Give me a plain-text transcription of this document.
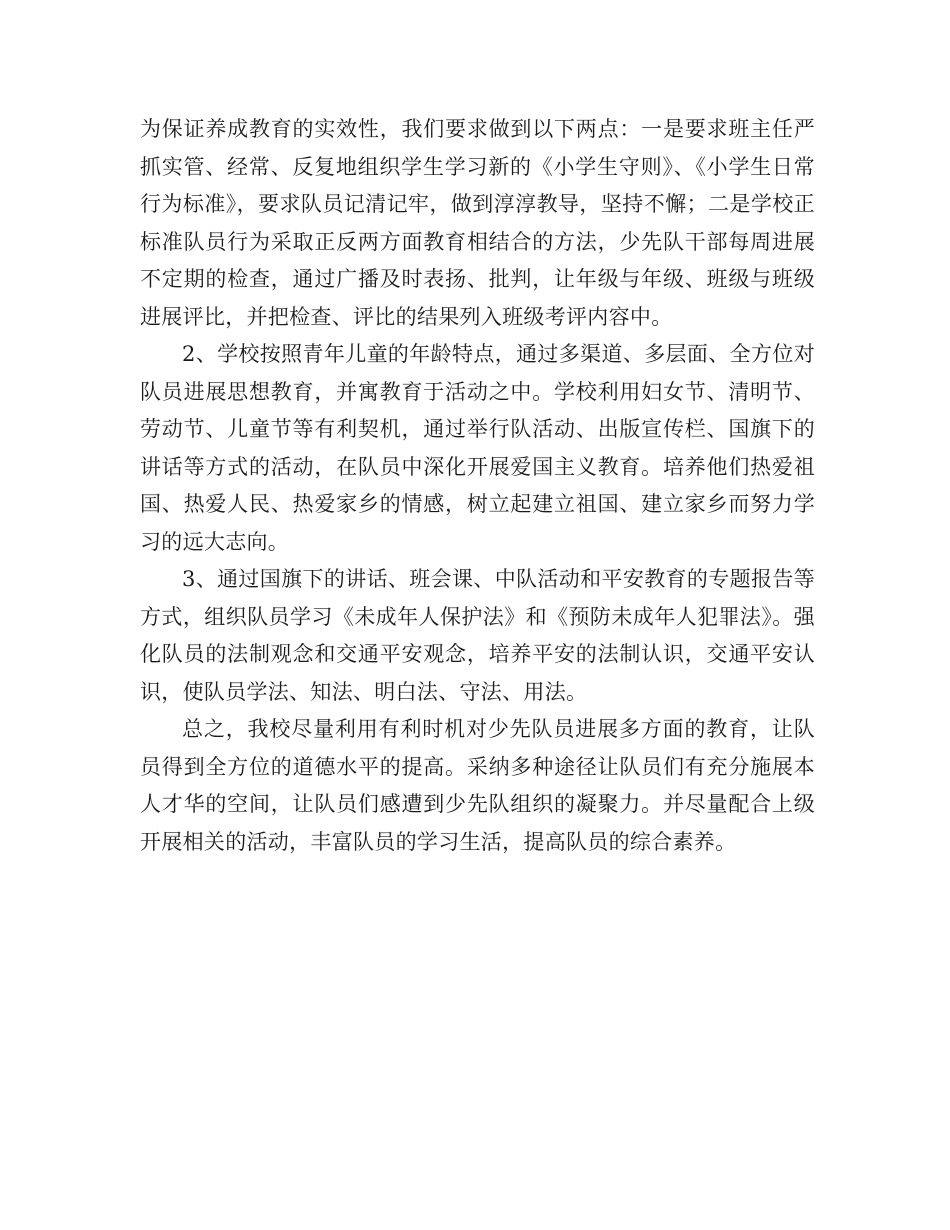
为保证养成教育的实效性，我们要求做到以下两点：一是要求班主任严抓实管、经常、反复地组织学生学习新的《小学生守则》、《小学生日常行为标准》，要求队员记清记牢，做到淳淳教导，坚持不懈；二是学校正标准队员行为采取正反两方面教育相结合的方法，少先队干部每周进展不定期的检查，通过广播及时表扬、批判，让年级与年级、班级与班级进展评比，并把检查、评比的结果列入班级考评内容中。

2、学校按照青年儿童的年龄特点，通过多渠道、多层面、全方位对队员进展思想教育，并寓教育于活动之中。学校利用妇女节、清明节、劳动节、儿童节等有利契机，通过举行队活动、出版宣传栏、国旗下的讲话等方式的活动，在队员中深化开展爱国主义教育。培养他们热爱祖国、热爱人民、热爱家乡的情感，树立起建立祖国、建立家乡而努力学习的远大志向。

3、通过国旗下的讲话、班会课、中队活动和平安教育的专题报告等方式，组织队员学习《未成年人保护法》和《预防未成年人犯罪法》。强化队员的法制观念和交通平安观念，培养平安的法制认识，交通平安认识，使队员学法、知法、明白法、守法、用法。

总之，我校尽量利用有利时机对少先队员进展多方面的教育，让队员得到全方位的道德水平的提高。采纳多种途径让队员们有充分施展本人才华的空间，让队员们感遭到少先队组织的凝聚力。并尽量配合上级开展相关的活动，丰富队员的学习生活，提高队员的综合素养。
